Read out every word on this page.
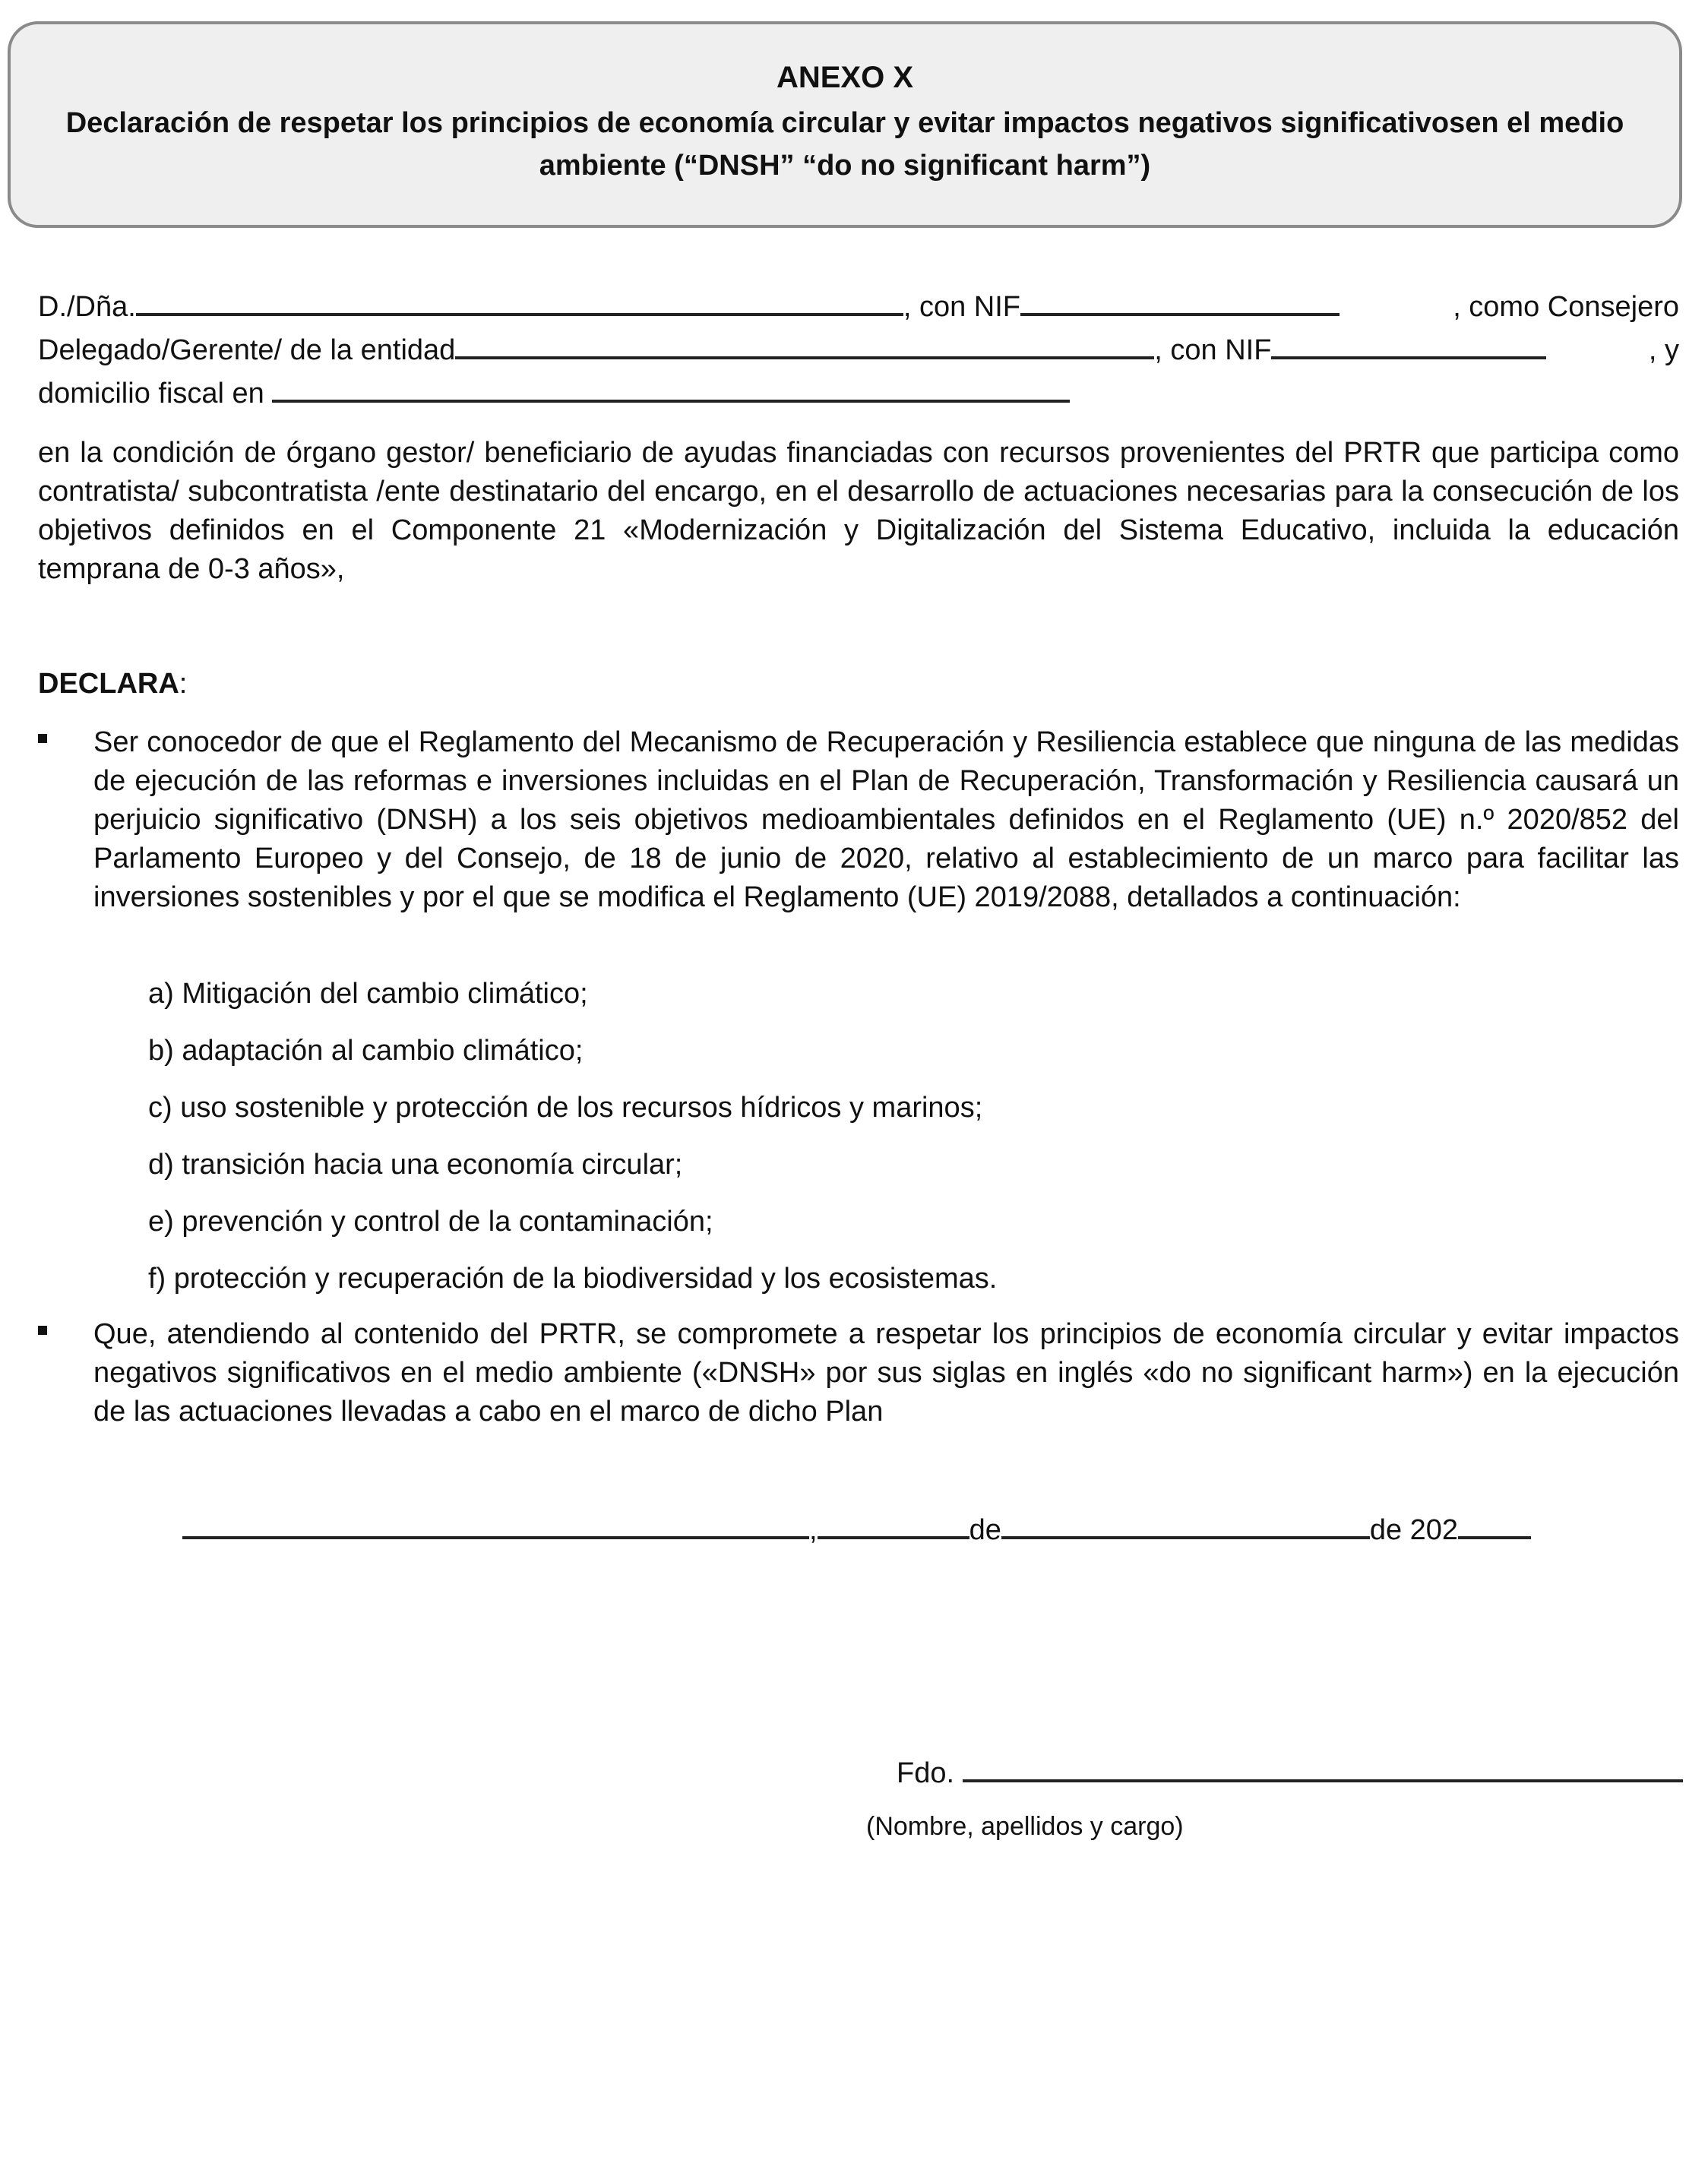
ANEXO X
Declaración de respetar los principios de economía circular y evitar impactos negativos significativosen el medio ambiente (“DNSH” “do no significant harm”)
D./Dña.	, con NIF	, como Consejero
Delegado/Gerente/ de la entidad	, con NIF	, y
domicilio fiscal en
en la condición de órgano gestor/ beneficiario de ayudas financiadas con recursos provenientes del PRTR que participa como contratista/ subcontratista /ente destinatario del encargo, en el desarrollo de actuaciones necesarias para la consecución de los objetivos definidos en el Componente 21 «Modernización y Digitalización del Sistema Educativo, incluida la educación temprana de 0-3 años»,
DECLARA:
Ser conocedor de que el Reglamento del Mecanismo de Recuperación y Resiliencia establece que ninguna de las medidas de ejecución de las reformas e inversiones incluidas en el Plan de Recuperación, Transformación y Resiliencia causará un perjuicio significativo (DNSH) a los seis objetivos medioambientales definidos en el Reglamento (UE) n.º 2020/852 del Parlamento Europeo y del Consejo, de 18 de junio de 2020, relativo al establecimiento de un marco para facilitar las inversiones sostenibles y por el que se modifica el Reglamento (UE) 2019/2088, detallados a continuación:
a) Mitigación del cambio climático;
b) adaptación al cambio climático;
c) uso sostenible y protección de los recursos hídricos y marinos;
d) transición hacia una economía circular;
e) prevención y control de la contaminación;
f) protección y recuperación de la biodiversidad y los ecosistemas.
Que, atendiendo al contenido del PRTR, se compromete a respetar los principios de economía circular y evitar impactos negativos significativos en el medio ambiente («DNSH» por sus siglas en inglés «do no significant harm») en la ejecución de las actuaciones llevadas a cabo en el marco de dicho Plan
,	de	de 202
Fdo.
(Nombre, apellidos y cargo)
